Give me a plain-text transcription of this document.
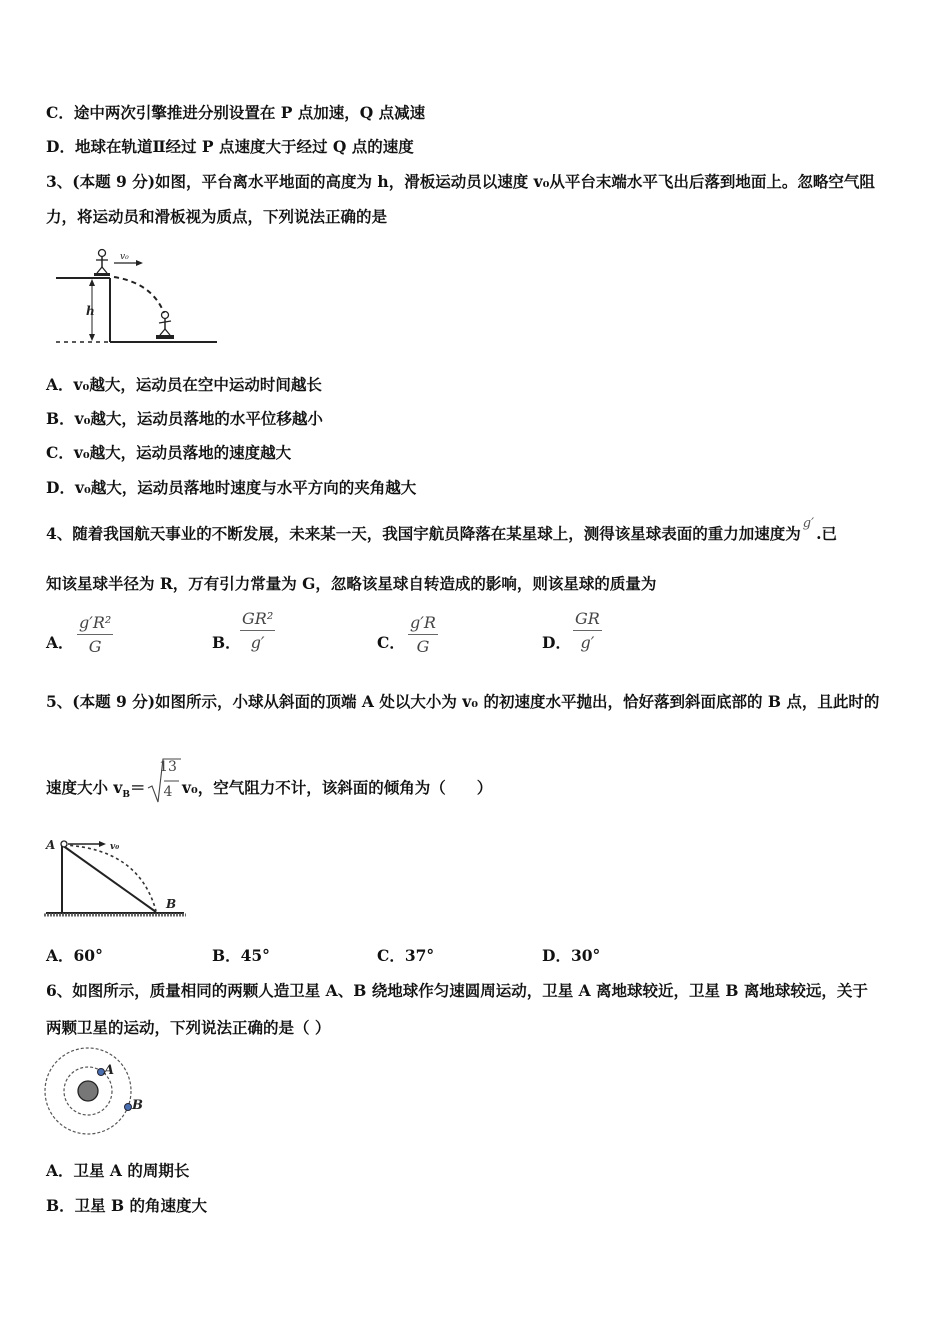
C．途中两次引擎推进分别设置在 P 点加速，Q 点减速
D．地球在轨道Ⅱ经过 P 点速度大于经过 Q 点的速度
3、(本题 9 分)如图，平台离水平地面的高度为 h，滑板运动员以速度 v₀从平台末端水平飞出后落到地面上。忽略空气阻
力，将运动员和滑板视为质点，下列说法正确的是
h
v₀
A．v₀越大，运动员在空中运动时间越长
B．v₀越大，运动员落地的水平位移越小
C．v₀越大，运动员落地的速度越大
D．v₀越大，运动员落地时速度与水平方向的夹角越大
4、随着我国航天事业的不断发展，未来某一天，我国宇航员降落在某星球上，测得该星球表面的重力加速度为$^{g'}$.已
知该星球半径为 R，万有引力常量为 G，忽略该星球自转造成的影响，则该星球的质量为
A． $\frac{\text{g′R²}}{G}$	B． $\frac{\text{GR²}}{g'}$	C． $\frac{g'R}{G}$	D． $\frac{GR}{g'}$
5、(本题 9 分)如图所示，小球从斜面的顶端 A 处以大小为 v₀ 的初速度水平抛出，恰好落到斜面底部的 B 点，且此时的
速度大小 $v_B=$
13
4 v₀，空气阻力不计，该斜面的倾角为（　　）
A	v₀
B
A．60°	B．45°	C．37°	D．30°
6、如图所示，质量相同的两颗人造卫星 A、B 绕地球作匀速圆周运动，卫星 A 离地球较近，卫星 B 离地球较远，关于
两颗卫星的运动，下列说法正确的是（ ）
A
B
A．卫星 A 的周期长
B．卫星 B 的角速度大
